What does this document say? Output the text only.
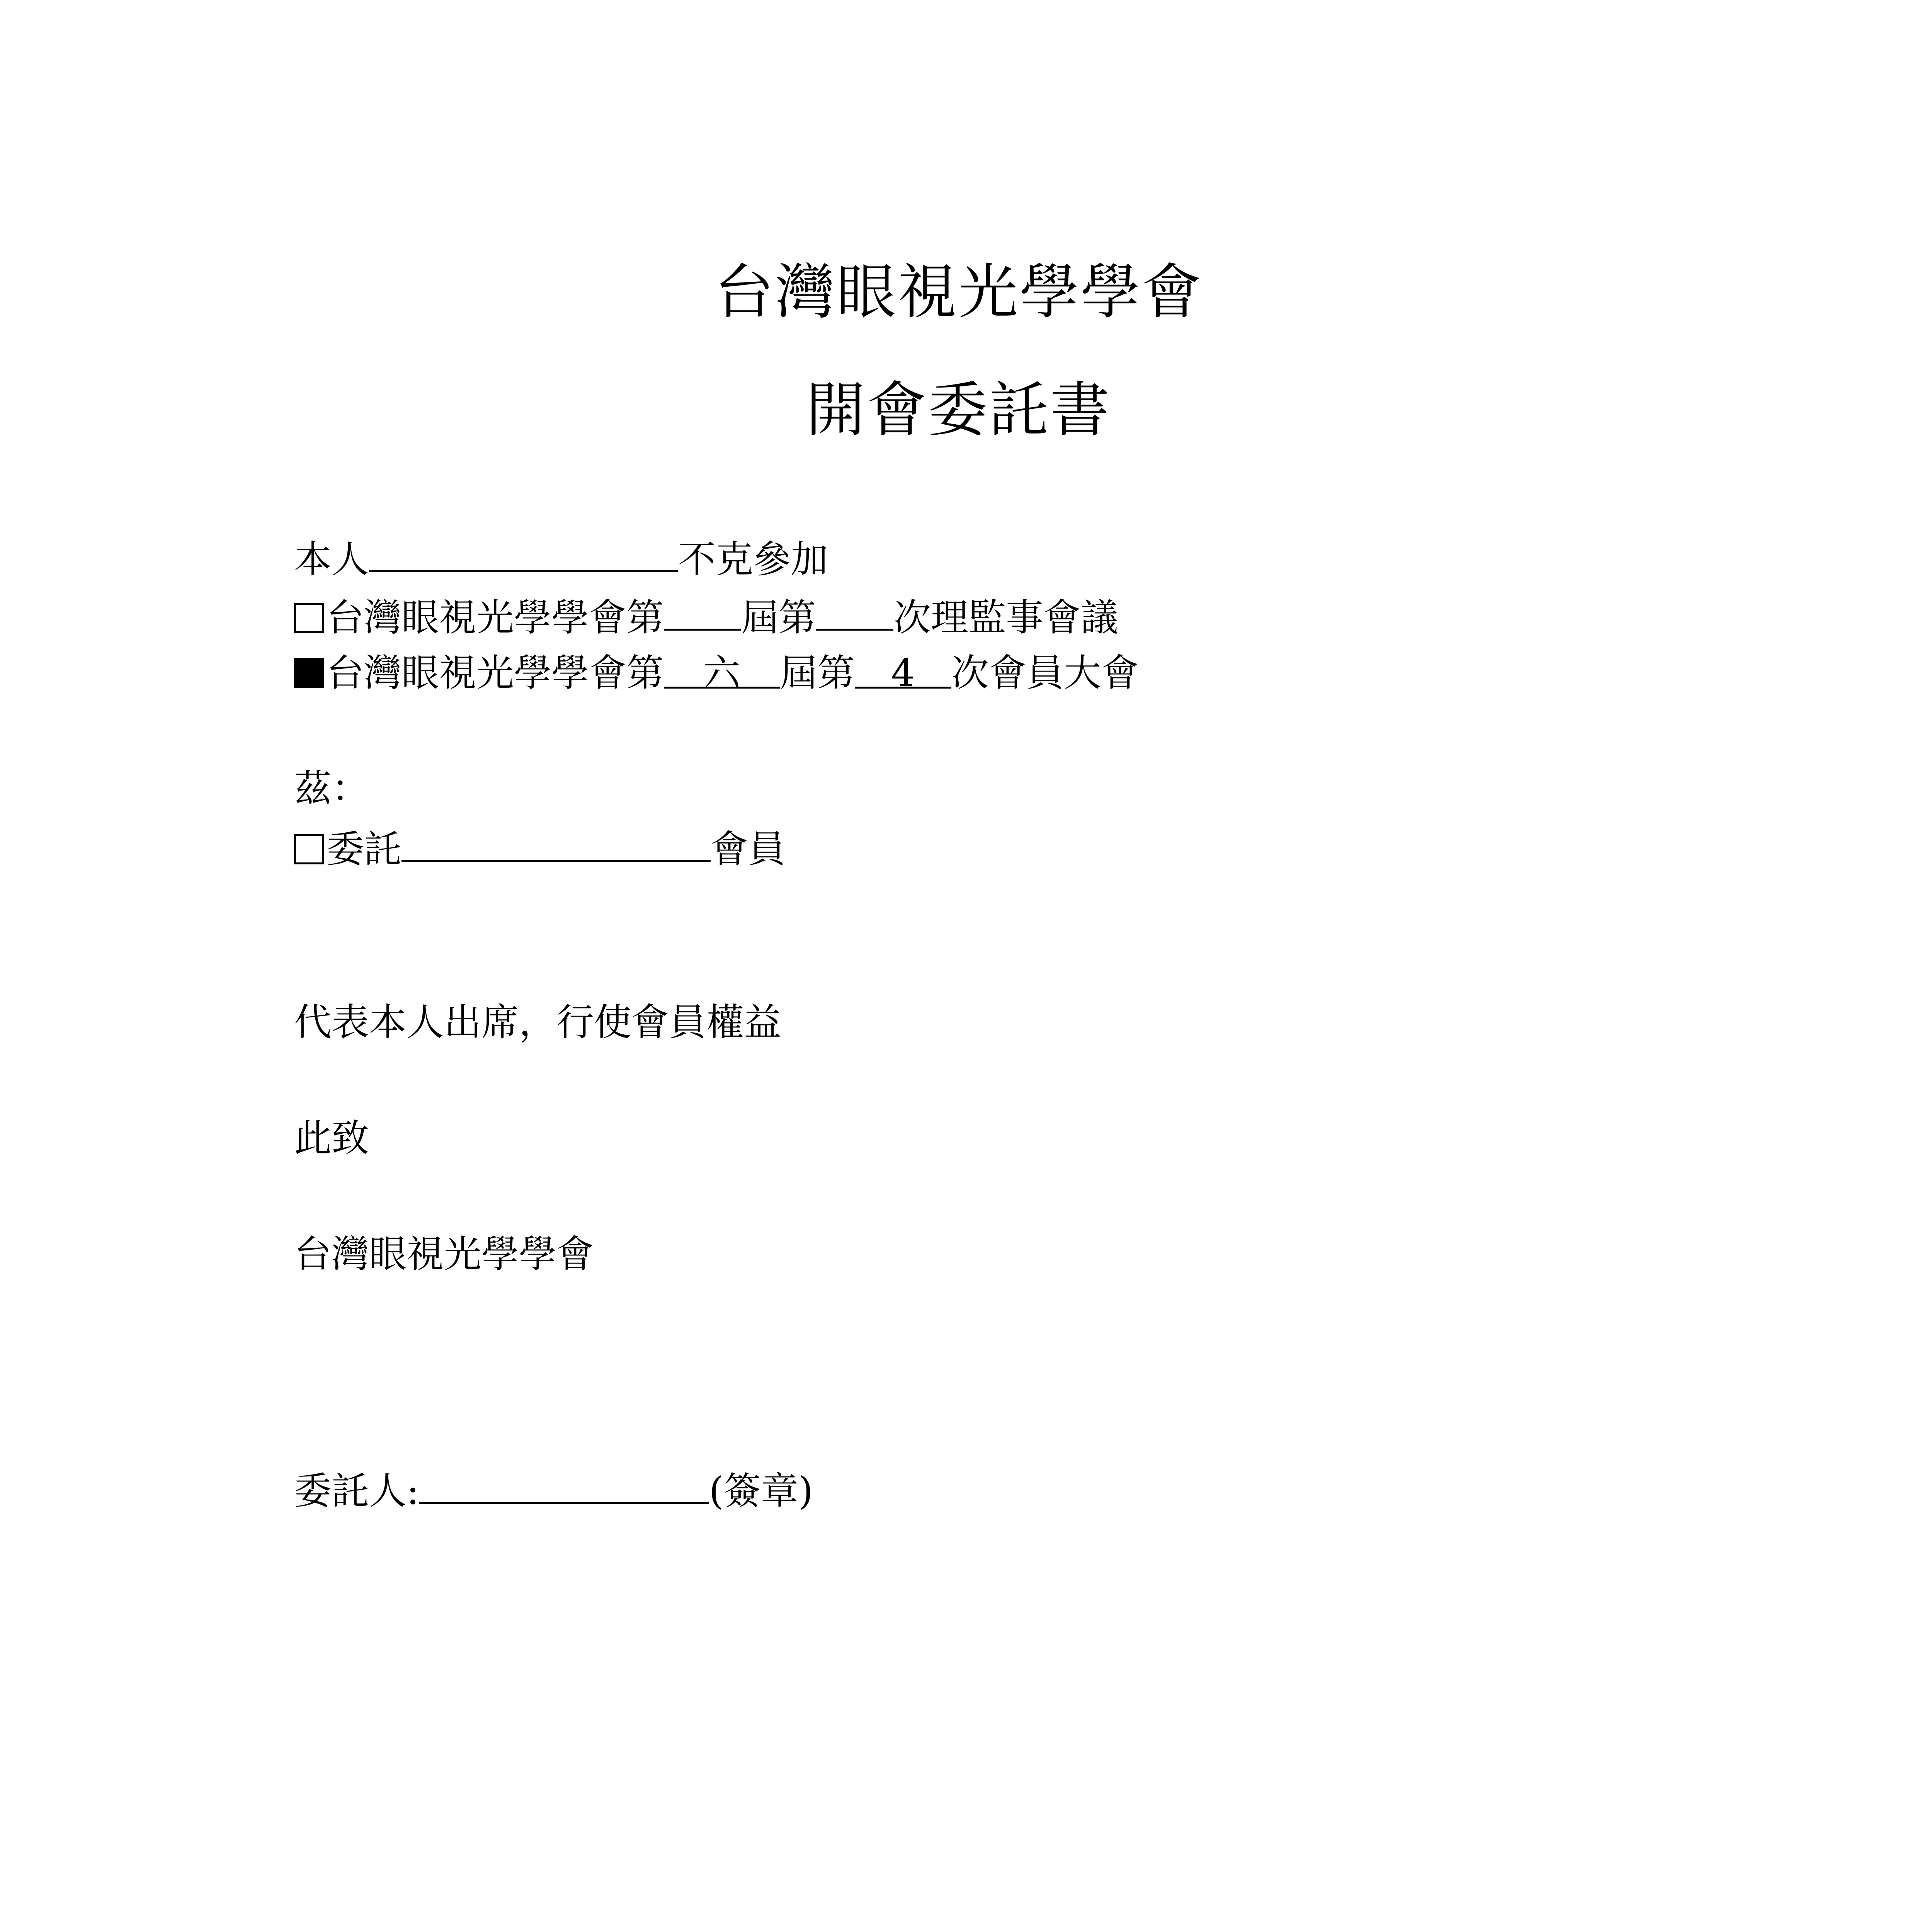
台灣眼視光學學會
開會委託書
本人	不克參加
台灣眼視光學學會第 屆第 次理監事會議
台灣眼視光學學會第 六 屆第 4 次會員大會
茲：
委託	會員
代表本人出席，行使會員權益
此致
台灣眼視光學學會
委託人:	(簽章)
